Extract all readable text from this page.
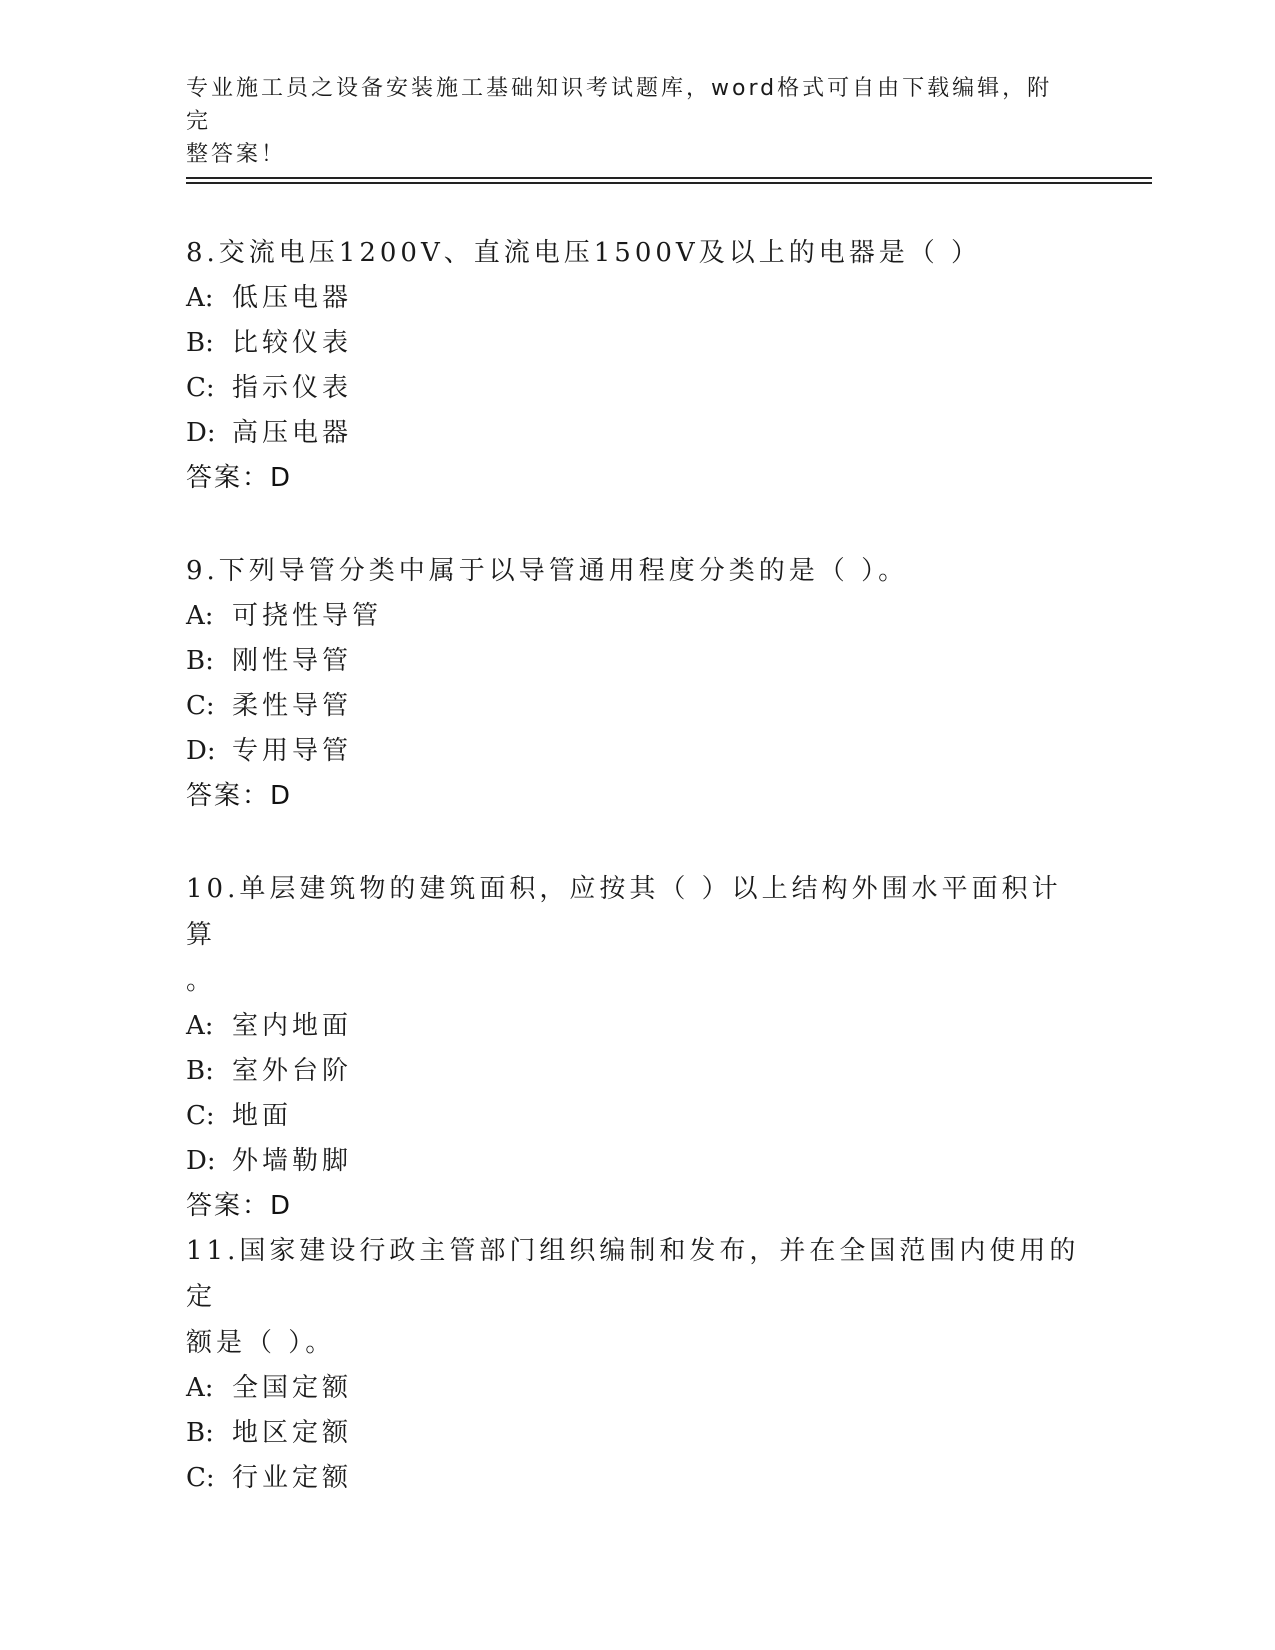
专业施工员之设备安装施工基础知识考试题库，word格式可自由下载编辑，附完
整答案！
8.交流电压1200V、直流电压1500V及以上的电器是（ ）
A: 低压电器
B: 比较仪表
C: 指示仪表
D: 高压电器
答案：D
9.下列导管分类中属于以导管通用程度分类的是（ ）。
A: 可挠性导管
B: 刚性导管
C: 柔性导管
D: 专用导管
答案：D
10.单层建筑物的建筑面积，应按其（ ）以上结构外围水平面积计算
。
A: 室内地面
B: 室外台阶
C: 地面
D: 外墙勒脚
答案：D
11.国家建设行政主管部门组织编制和发布，并在全国范围内使用的定
额是（ ）。
A: 全国定额
B: 地区定额
C: 行业定额
